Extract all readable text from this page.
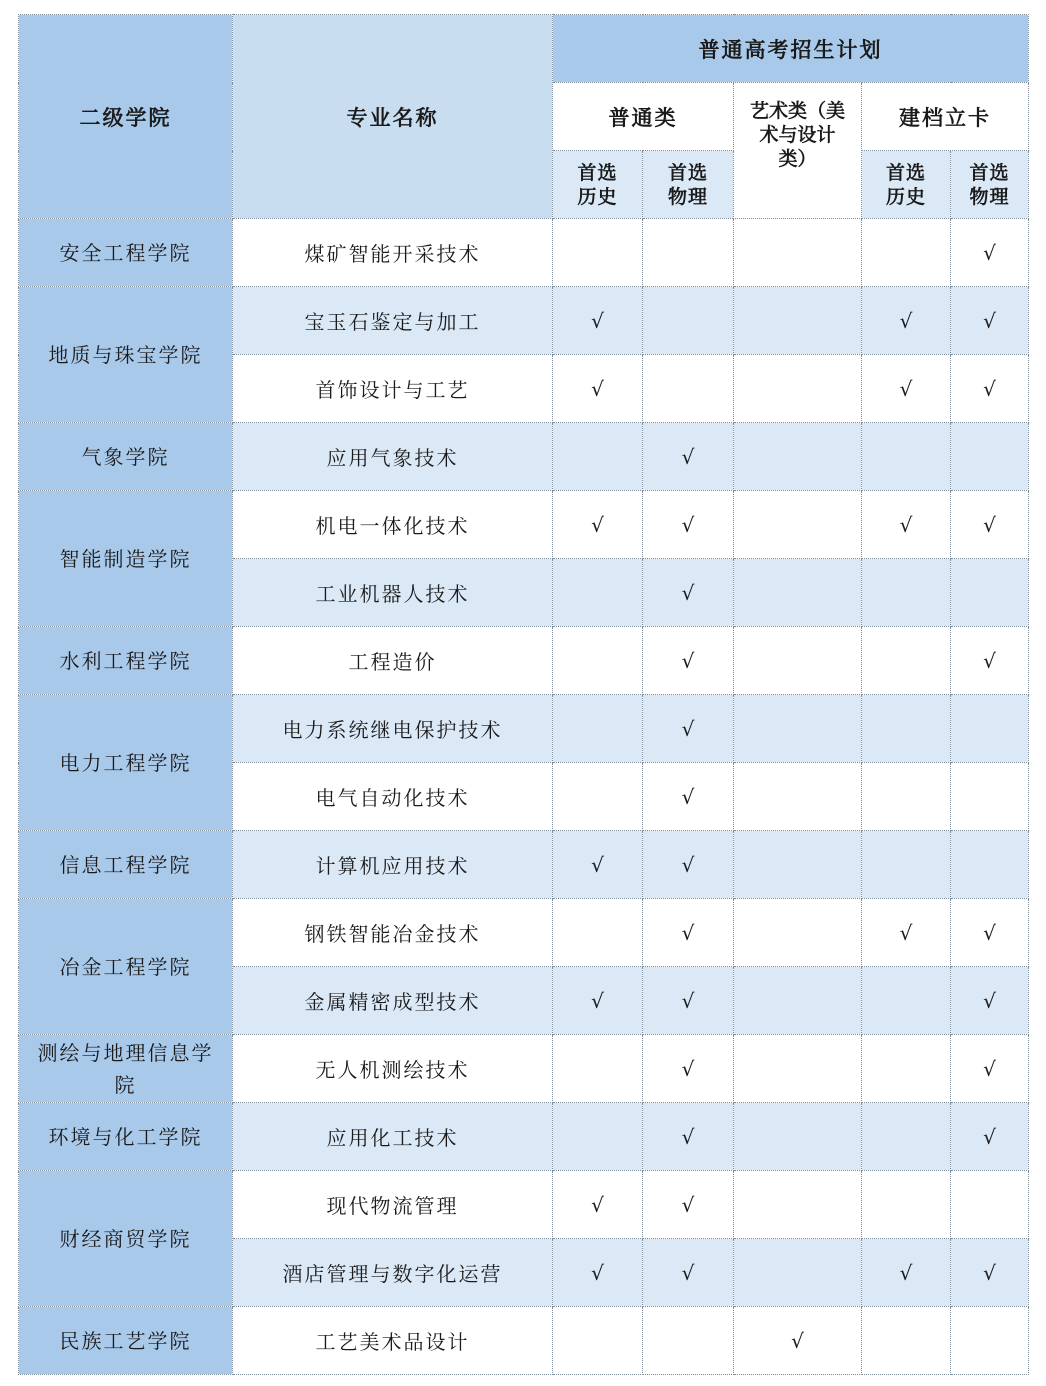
二级学院	专业名称	普通高考招生计划				
		普通类		艺术类（美术与设计类）	建档立卡	

		首选历史	首选物理		首选历史	首选物理

安全工程学院	煤矿智能开采技术					√

地质与珠宝学院	宝玉石鉴定与加工	√			√	√
	首饰设计与工艺	√			√	√

气象学院	应用气象技术		√			

智能制造学院	机电一体化技术	√	√		√	√
	工业机器人技术		√			

水利工程学院	工程造价		√			√

电力工程学院	电力系统继电保护技术		√			
	电气自动化技术		√			

信息工程学院	计算机应用技术	√	√			

冶金工程学院	钢铁智能冶金技术		√		√	√
	金属精密成型技术	√	√			√

测绘与地理信息学院	无人机测绘技术		√			√

环境与化工学院	应用化工技术		√			√

财经商贸学院	现代物流管理	√	√			
	酒店管理与数字化运营	√	√		√	√

民族工艺学院	工艺美术品设计			√		
